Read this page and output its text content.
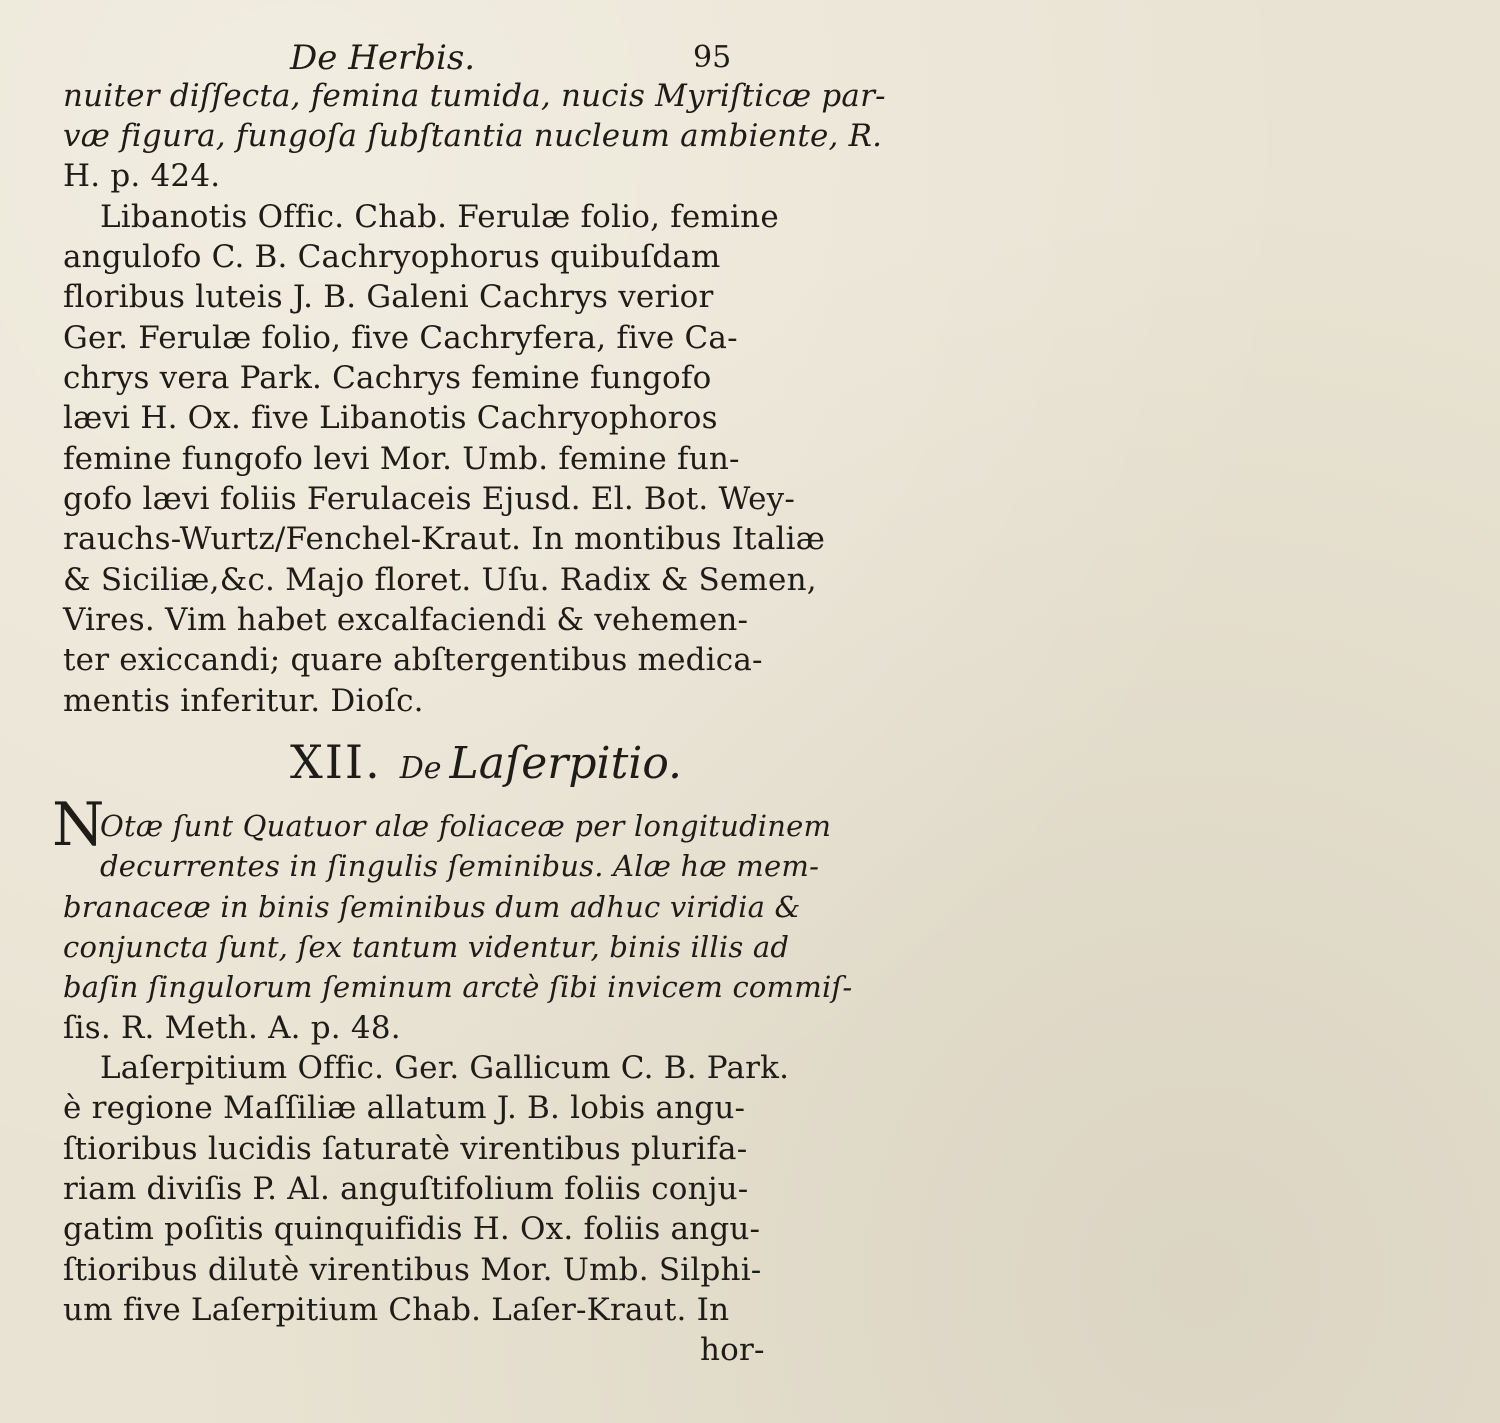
De Herbis.	95
nuiter diſſecta, femina tumida, nucis Myriſticæ par-
væ figura, fungoſa ſubſtantia nucleum ambiente, R.
H. p. 424.
Libanotis Offic. Chab. Ferulæ folio, femine
angulofo C. B. Cachryophorus quibuſdam
floribus luteis J. B. Galeni Cachrys verior
Ger. Ferulæ folio, five Cachryfera, five Ca-
chrys vera Park. Cachrys femine fungofo
lævi H. Ox. five Libanotis Cachryophoros
femine fungofo levi Mor. Umb. femine fun-
gofo lævi foliis Ferulaceis Ejusd. El. Bot. Wey-
rauchs-Wurtz/Fenchel-Kraut. In montibus Italiæ
& Siciliæ,&c. Majo floret. Uſu. Radix & Semen,
Vires. Vim habet excalfaciendi & vehemen-
ter exiccandi; quare abſtergentibus medica-
mentis inferitur. Dioſc.
XII. De Laſerpitio.
N
Otæ ſunt Quatuor alæ foliaceæ per longitudinem
decurrentes in ſingulis ſeminibus. Alæ hæ mem-
branaceæ in binis ſeminibus dum adhuc viridia &
conjuncta ſunt, ſex tantum videntur, binis illis ad
baſin ſingulorum ſeminum arctè ſibi invicem commiſ-
ſis. R. Meth. A. p. 48.
Laſerpitium Offic. Ger. Gallicum C. B. Park.
è regione Maſſiliæ allatum J. B. lobis angu-
ſtioribus lucidis ſaturatè virentibus plurifa-
riam diviſis P. Al. anguſtifolium foliis conju-
gatim poſitis quinquifidis H. Ox. foliis angu-
ſtioribus dilutè virentibus Mor. Umb. Silphi-
um five Laſerpitium Chab. Laſer-Kraut. In
hor-
